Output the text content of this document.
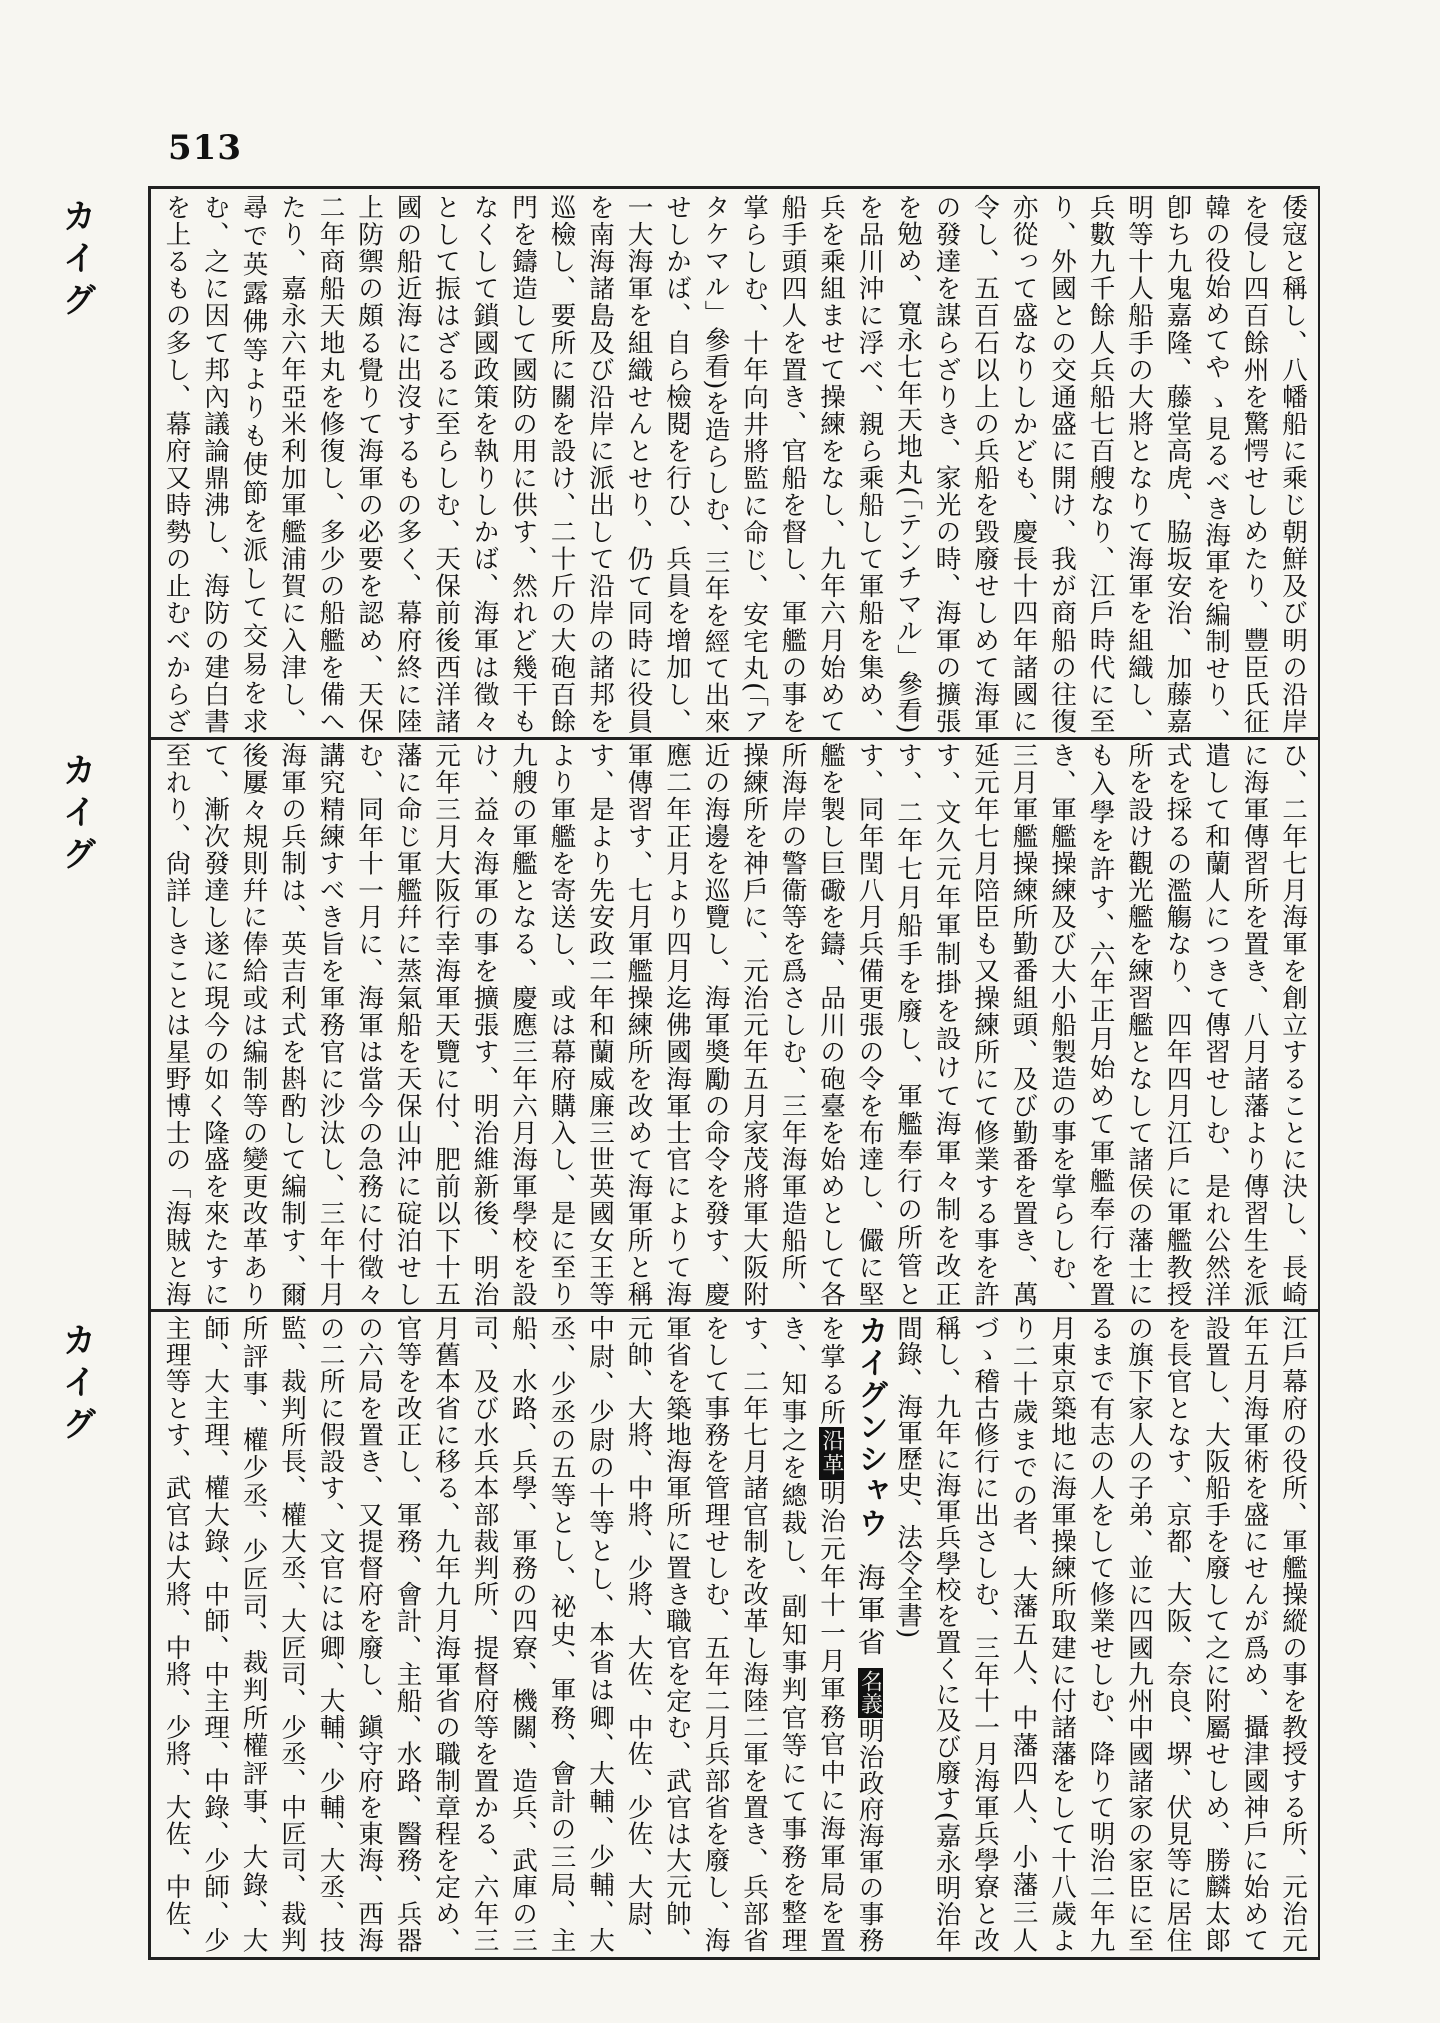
513
カイグ
カイグ
カイグ

倭寇と稱し、八幡船に乘じ朝鮮及び明の沿岸を侵し四百餘州を驚愕せしめたり、豐臣氏征韓の役始めてや ゝ見るべき海軍を編制せり、卽ち九鬼嘉隆、藤堂高虎、脇坂安治、加藤嘉明等十人船手の大將となりて海軍を組織し、兵數九千餘人兵船七百艘なり、江戶時代に至り、外國との交通盛に開け、我が商船の往復亦從って盛なりしかども、慶長十四年諸國に令し、五百石以上の兵船を毀廢せしめて海軍の發達を謀らざりき、家光の時、海軍の擴張を勉め、寬永七年天地丸(「テンチマル」參看)を品川沖に浮べ、親ら乘船して軍船を集め、兵を乘組ませて操練をなし、九年六月始めて船手頭四人を置き、官船を督し、軍艦の事を掌らしむ、十年向井將監に命じ、安宅丸(「アタケマル」參看)を造らしむ、三年を經て出來せしかば、自ら檢閱を行ひ、兵員を增加し、一大海軍を組織せんとせり、仍て同時に役員を南海諸島及び沿岸に派出して沿岸の諸邦を巡檢し、要所に關を設け、二十斤の大砲百餘門を鑄造して國防の用に供す、然れど幾干もなくして鎖國政策を執りしかば、海軍は徵々として振はざるに至らしむ、天保前後西洋諸國の船近海に出沒するもの多く、幕府終に陸上防禦の頗る覺りて海軍の必要を認め、天保二年商船天地丸を修復し、多少の船艦を備へたり、嘉永六年亞米利加軍艦浦賀に入津し、尋で英露佛等よりも使節を派して交易を求む、之に因て邦內議論鼎沸し、海防の建白書を上るもの多し、幕府又時勢の止むべからざ

ひ、二年七月海軍を創立することに決し、長崎に海軍傳習所を置き、八月諸藩より傳習生を派遣して和蘭人につきて傳習せしむ、是れ公然洋式を採るの濫觴なり、四年四月江戶に軍艦教授所を設け觀光艦を練習艦となして諸侯の藩士にも入學を許す、六年正月始めて軍艦奉行を置き、軍艦操練及び大小船製造の事を掌らしむ、三月軍艦操練所勤番組頭、及び勤番を置き、萬延元年七月陪臣も又操練所にて修業する事を許す、文久元年軍制掛を設けて海軍々制を改正す、二年七月船手を廢し、軍艦奉行の所管とす、同年閏八月兵備更張の令を布達し、儼に堅艦を製し巨礮を鑄、品川の砲臺を始めとして各所海岸の警衞等を爲さしむ、三年海軍造船所、操練所を神戶に、元治元年五月家茂將軍大阪附近の海邊を巡覽し、海軍奬勵の命令を發す、慶應二年正月より四月迄佛國海軍士官によりて海軍傳習す、七月軍艦操練所を改めて海軍所と稱す、是より先安政二年和蘭威廉三世英國女王等より軍艦を寄送し、或は幕府購入し、是に至り九艘の軍艦となる、慶應三年六月海軍學校を設け、益々海軍の事を擴張す、明治維新後、明治元年三月大阪行幸海軍天覽に付、肥前以下十五藩に命じ軍艦幷に蒸氣船を天保山沖に碇泊せしむ、同年十一月に、海軍は當今の急務に付徵々講究精練すべき旨を軍務官に沙汰し、三年十月海軍の兵制は、英吉利式を斟酌して編制す、爾後屢々規則幷に俸給或は編制等の變更改革ありて、漸次發達し遂に現今の如く隆盛を來たすに至れり、尙詳しきことは星野博士の「海賊と海

江戶幕府の役所、軍艦操縱の事を教授する所、元治元年五月海軍術を盛にせんが爲め、攝津國神戶に始めて設置し、大阪船手を廢して之に附屬せしめ、勝麟太郞を長官となす、京都、大阪、奈良、堺、伏見等に居住の旗下家人の子弟、並に四國九州中國諸家の家臣に至るまで有志の人をして修業せしむ、降りて明治二年九月東京築地に海軍操練所取建に付諸藩をして十八歲より二十歲までの者、大藩五人、中藩四人、小藩三人づゝ稽古修行に出さしむ、三年十一月海軍兵學寮と改稱し、九年に海軍兵學校を置くに及び廢す(嘉永明治年間錄、海軍歷史、法令全書)

カイグンシャウ海軍省 名義明治政府海軍の事務を掌る所沿革明治元年十一月軍務官中に海軍局を置き、知事之を總裁し、副知事判官等にて事務を整理す、二年七月諸官制を改革し海陸二軍を置き、兵部省をして事務を管理せしむ、五年二月兵部省を廢し、海軍省を築地海軍所に置き職官を定む、武官は大元帥、元帥、大將、中將、少將、大佐、中佐、少佐、大尉、中尉、少尉の十等とし、本省は卿、大輔、少輔、大丞、少丞の五等とし、祕史、軍務、會計の三局、主船、水路、兵學、軍務の四寮、機關、造兵、武庫の三司、及び水兵本部裁判所、提督府等を置かる、六年三月舊本省に移る、九年九月海軍省の職制章程を定め、官等を改正し、軍務、會計、主船、水路、醫務、兵器の六局を置き、又提督府を廢し、鎭守府を東海、西海の二所に假設す、文官には卿、大輔、少輔、大丞、技監、裁判所長、權大丞、大匠司、少丞、中匠司、裁判所評事、權少丞、少匠司、裁判所權評事、大錄、大師、大主理、權大錄、中師、中主理、中錄、少師、少主理等とす、武官は大將、中將、少將、大佐、中佐、
